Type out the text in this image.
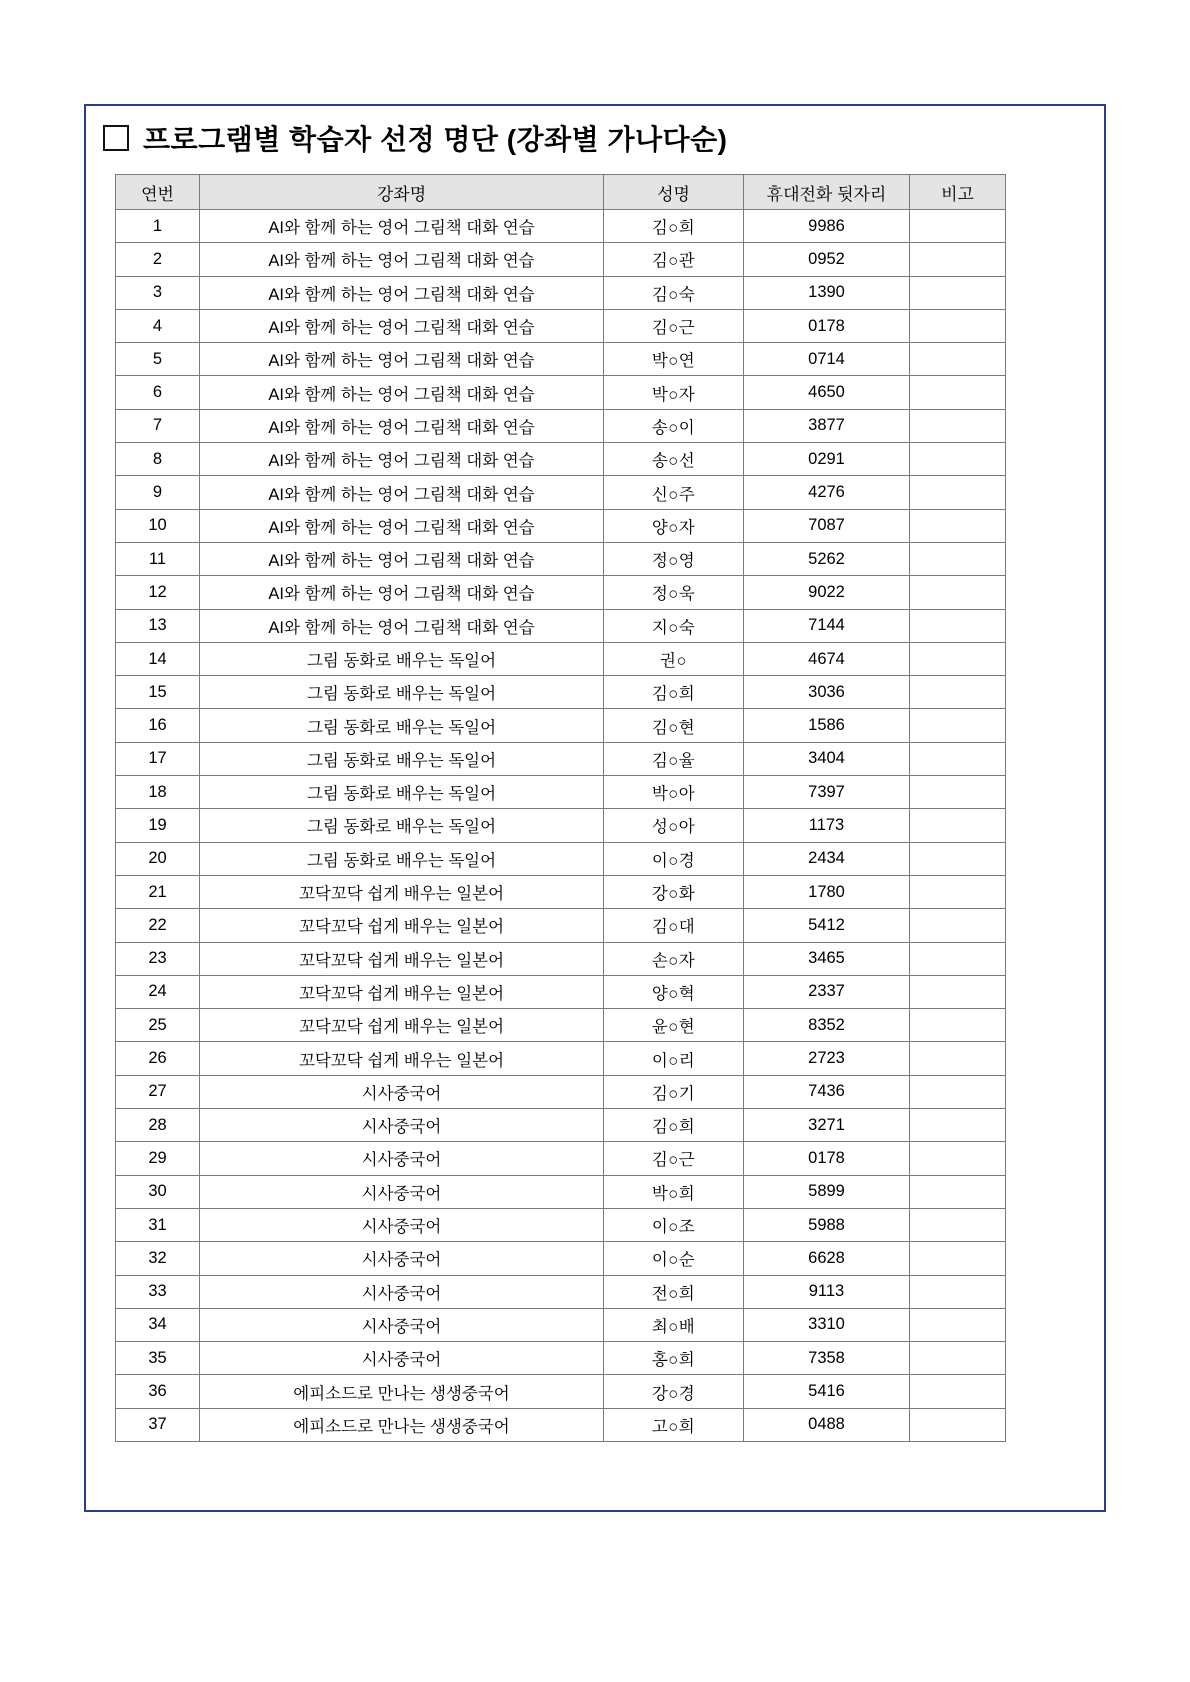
프로그램별 학습자 선정 명단 (강좌별 가나다순)
연번	강좌명	성명	휴대전화 뒷자리	비고
1	AI와 함께 하는 영어 그림책 대화 연습	김○희	9986	
2	AI와 함께 하는 영어 그림책 대화 연습	김○관	0952	
3	AI와 함께 하는 영어 그림책 대화 연습	김○숙	1390	
4	AI와 함께 하는 영어 그림책 대화 연습	김○근	0178	
5	AI와 함께 하는 영어 그림책 대화 연습	박○연	0714	
6	AI와 함께 하는 영어 그림책 대화 연습	박○자	4650	
7	AI와 함께 하는 영어 그림책 대화 연습	송○이	3877	
8	AI와 함께 하는 영어 그림책 대화 연습	송○선	0291	
9	AI와 함께 하는 영어 그림책 대화 연습	신○주	4276	
10	AI와 함께 하는 영어 그림책 대화 연습	양○자	7087	
11	AI와 함께 하는 영어 그림책 대화 연습	정○영	5262	
12	AI와 함께 하는 영어 그림책 대화 연습	정○욱	9022	
13	AI와 함께 하는 영어 그림책 대화 연습	지○숙	7144	
14	그림 동화로 배우는 독일어	권○	4674	
15	그림 동화로 배우는 독일어	김○희	3036	
16	그림 동화로 배우는 독일어	김○현	1586	
17	그림 동화로 배우는 독일어	김○율	3404	
18	그림 동화로 배우는 독일어	박○아	7397	
19	그림 동화로 배우는 독일어	성○아	1173	
20	그림 동화로 배우는 독일어	이○경	2434	
21	꼬닥꼬닥 쉽게 배우는 일본어	강○화	1780	
22	꼬닥꼬닥 쉽게 배우는 일본어	김○대	5412	
23	꼬닥꼬닥 쉽게 배우는 일본어	손○자	3465	
24	꼬닥꼬닥 쉽게 배우는 일본어	양○혁	2337	
25	꼬닥꼬닥 쉽게 배우는 일본어	윤○현	8352	
26	꼬닥꼬닥 쉽게 배우는 일본어	이○리	2723	
27	시사중국어	김○기	7436	
28	시사중국어	김○희	3271	
29	시사중국어	김○근	0178	
30	시사중국어	박○희	5899	
31	시사중국어	이○조	5988	
32	시사중국어	이○순	6628	
33	시사중국어	전○희	9113	
34	시사중국어	최○배	3310	
35	시사중국어	홍○희	7358	
36	에피소드로 만나는 생생중국어	강○경	5416	
37	에피소드로 만나는 생생중국어	고○희	0488	
